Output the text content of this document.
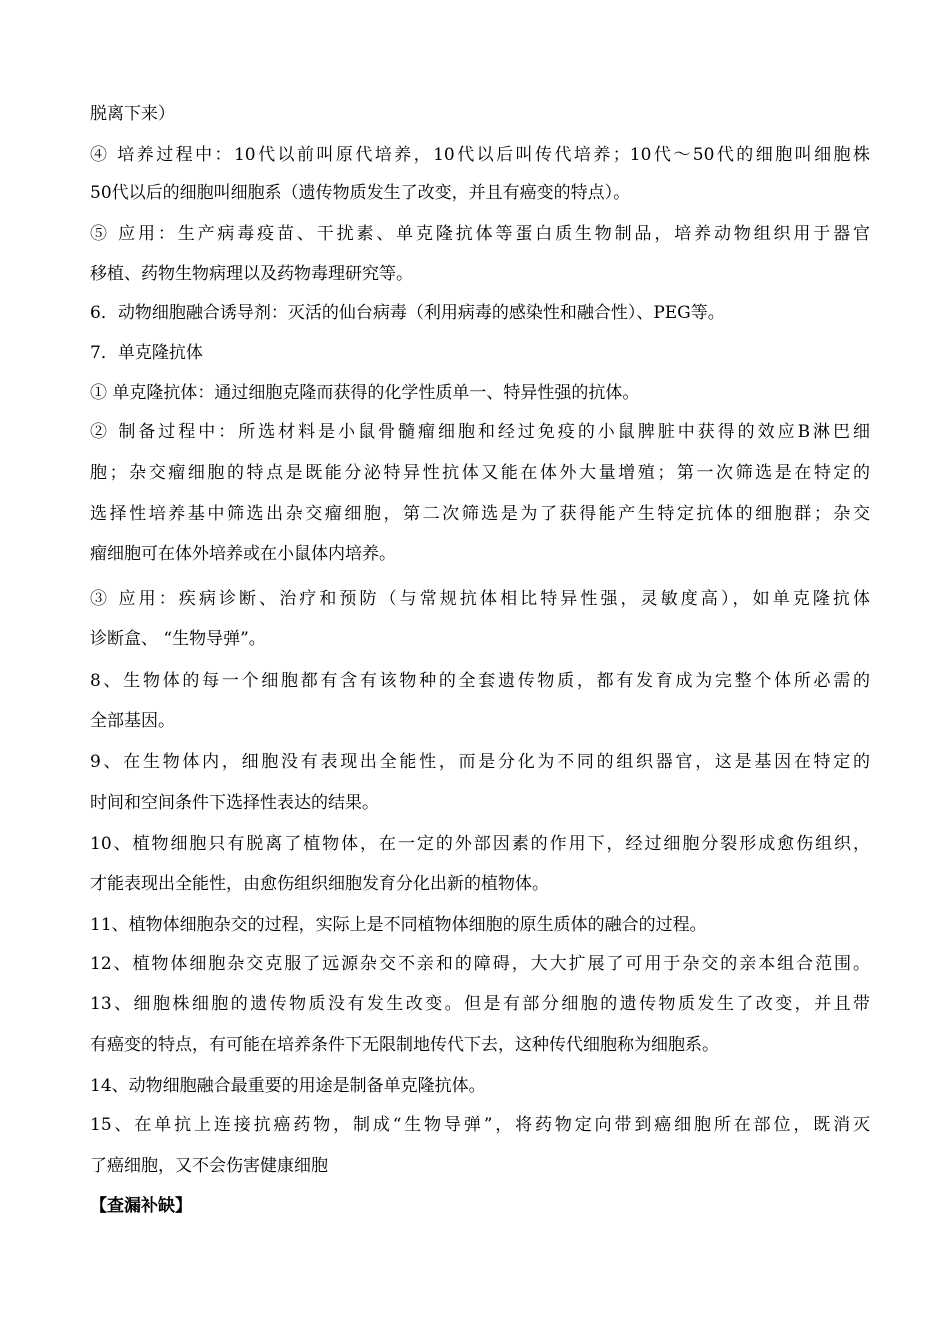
脱离下来）
④ 培养过程中：10代以前叫原代培养，10代以后叫传代培养；10代～50代的细胞叫细胞株
50代以后的细胞叫细胞系（遗传物质发生了改变，并且有癌变的特点）。
⑤ 应用：生产病毒疫苗、干扰素、单克隆抗体等蛋白质生物制品，培养动物组织用于器官
移植、药物生物病理以及药物毒理研究等。
6．动物细胞融合诱导剂：灭活的仙台病毒（利用病毒的感染性和融合性）、PEG等。
7．单克隆抗体
① 单克隆抗体：通过细胞克隆而获得的化学性质单一、特异性强的抗体。
② 制备过程中：所选材料是小鼠骨髓瘤细胞和经过免疫的小鼠脾脏中获得的效应B淋巴细
胞；杂交瘤细胞的特点是既能分泌特异性抗体又能在体外大量增殖；第一次筛选是在特定的
选择性培养基中筛选出杂交瘤细胞，第二次筛选是为了获得能产生特定抗体的细胞群；杂交
瘤细胞可在体外培养或在小鼠体内培养。
③ 应用：疾病诊断、治疗和预防（与常规抗体相比特异性强，灵敏度高），如单克隆抗体
诊断盒、 “生物导弹”。
8、生物体的每一个细胞都有含有该物种的全套遗传物质，都有发育成为完整个体所必需的
全部基因。
9、在生物体内，细胞没有表现出全能性，而是分化为不同的组织器官，这是基因在特定的
时间和空间条件下选择性表达的结果。
10、植物细胞只有脱离了植物体，在一定的外部因素的作用下，经过细胞分裂形成愈伤组织，
才能表现出全能性，由愈伤组织细胞发育分化出新的植物体。
11、植物体细胞杂交的过程，实际上是不同植物体细胞的原生质体的融合的过程。
12、植物体细胞杂交克服了远源杂交不亲和的障碍，大大扩展了可用于杂交的亲本组合范围。
13、细胞株细胞的遗传物质没有发生改变。但是有部分细胞的遗传物质发生了改变，并且带
有癌变的特点，有可能在培养条件下无限制地传代下去，这种传代细胞称为细胞系。
14、动物细胞融合最重要的用途是制备单克隆抗体。
15、在单抗上连接抗癌药物，制成“生物导弹”，将药物定向带到癌细胞所在部位，既消灭
了癌细胞，又不会伤害健康细胞
【查漏补缺】
